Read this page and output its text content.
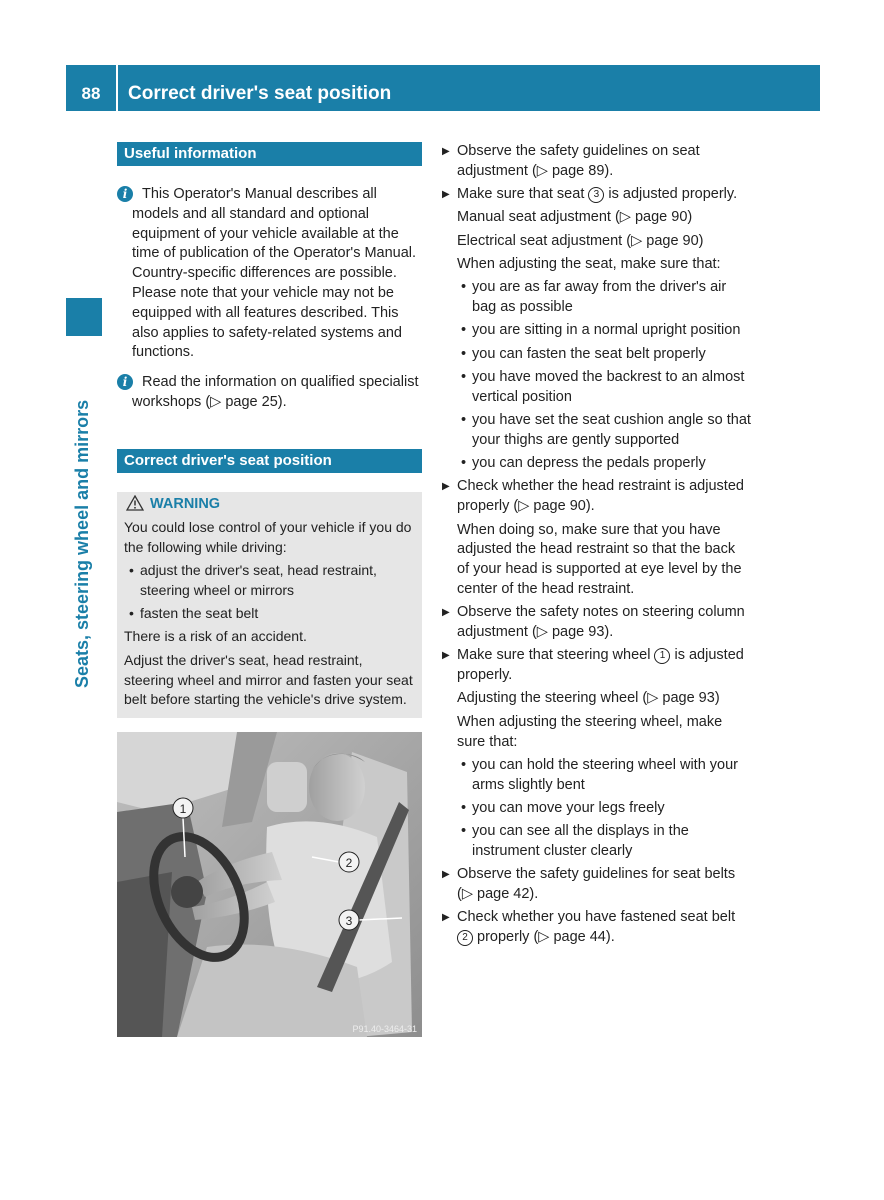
88	Correct driver's seat position
Seats, steering wheel and mirrors
Useful information
i	This Operator's Manual describes all models and all standard and optional equipment of your vehicle available at the time of publication of the Operator's Manual. Country-specific differences are possible. Please note that your vehicle may not be equipped with all features described. This also applies to safety-related systems and functions.

i	Read the information on qualified specialist workshops (▷ page 25).

Correct driver's seat position
WARNING

You could lose control of your vehicle if you do the following while driving:

• adjust the driver's seat, head restraint, steering wheel or mirrors

• fasten the seat belt

There is a risk of an accident.

Adjust the driver's seat, head restraint, steering wheel and mirror and fasten your seat belt before starting the vehicle's drive system.

1
2
3
P91.40-3464-31

▶ Observe the safety guidelines on seat adjustment (▷ page 89).

▶ Make sure that seat 3 is adjusted properly.

Manual seat adjustment (▷ page 90)

Electrical seat adjustment (▷ page 90)

When adjusting the seat, make sure that:

• you are as far away from the driver's air bag as possible

• you are sitting in a normal upright position

• you can fasten the seat belt properly

• you have moved the backrest to an almost vertical position

• you have set the seat cushion angle so that your thighs are gently supported

• you can depress the pedals properly

▶ Check whether the head restraint is adjusted properly (▷ page 90).

When doing so, make sure that you have adjusted the head restraint so that the back of your head is supported at eye level by the center of the head restraint.

▶ Observe the safety notes on steering column adjustment (▷ page 93).

▶ Make sure that steering wheel 1 is adjusted properly.

Adjusting the steering wheel (▷ page 93)

When adjusting the steering wheel, make sure that:

• you can hold the steering wheel with your arms slightly bent

• you can move your legs freely

• you can see all the displays in the instrument cluster clearly

▶ Observe the safety guidelines for seat belts (▷ page 42).

▶ Check whether you have fastened seat belt 2 properly (▷ page 44).
